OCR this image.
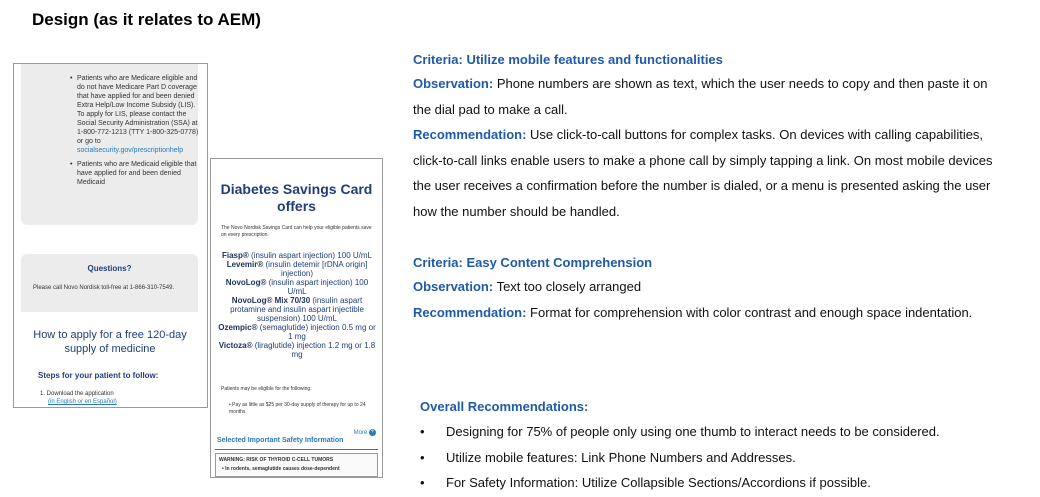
Design (as it relates to AEM)
• Patients who are Medicare eligible and do not have Medicare Part D coverage that have applied for and been denied Extra Help/Low Income Subsidy (LIS). To apply for LIS, please contact the Social Security Administration (SSA) at 1-800-772-1213 (TTY 1-800-325-0778) or go to socialsecurity.gov/prescriptionhelp
• Patients who are Medicaid eligible that have applied for and been denied Medicaid
Questions?
Please call Novo Nordisk toll-free at 1-866-310-7549.
How to apply for a free 120-day supply of medicine
Steps for your patient to follow:
1. Download the application
(in English or en Español)
Diabetes Savings Card offers
The Novo Nordisk Savings Card can help your eligible patients save on every prescription.
Fiasp® (insulin aspart injection) 100 U/mL
Levemir® (insulin detemir [rDNA origin] injection)
NovoLog® (insulin aspart injection) 100 U/mL
NovoLog® Mix 70/30 (insulin aspart protamine and insulin aspart injectible suspension) 100 U/mL
Ozempic® (semaglutide) injection 0.5 mg or 1 mg
Victoza® (liraglutide) injection 1.2 mg or 1.8 mg
Patients may be eligible for the following:
• Pay as little as $25 per 30-day supply of therapy for up to 24 months
More +
Selected Important Safety Information
WARNING: RISK OF THYROID C-CELL TUMORS
• In rodents, semaglutide causes dose-dependent
Criteria: Utilize mobile features and functionalities
Observation: Phone numbers are shown as text, which the user needs to copy and then paste it on the dial pad to make a call.
Recommendation: Use click-to-call buttons for complex tasks. On devices with calling capabilities, click-to-call links enable users to make a phone call by simply tapping a link. On most mobile devices the user receives a confirmation before the number is dialed, or a menu is presented asking the user how the number should be handled.
Criteria: Easy Content Comprehension
Observation: Text too closely arranged
Recommendation: Format for comprehension with color contrast and enough space indentation.
Overall Recommendations:
• Designing for 75% of people only using one thumb to interact needs to be considered.
• Utilize mobile features: Link Phone Numbers and Addresses.
• For Safety Information: Utilize Collapsible Sections/Accordions if possible.
